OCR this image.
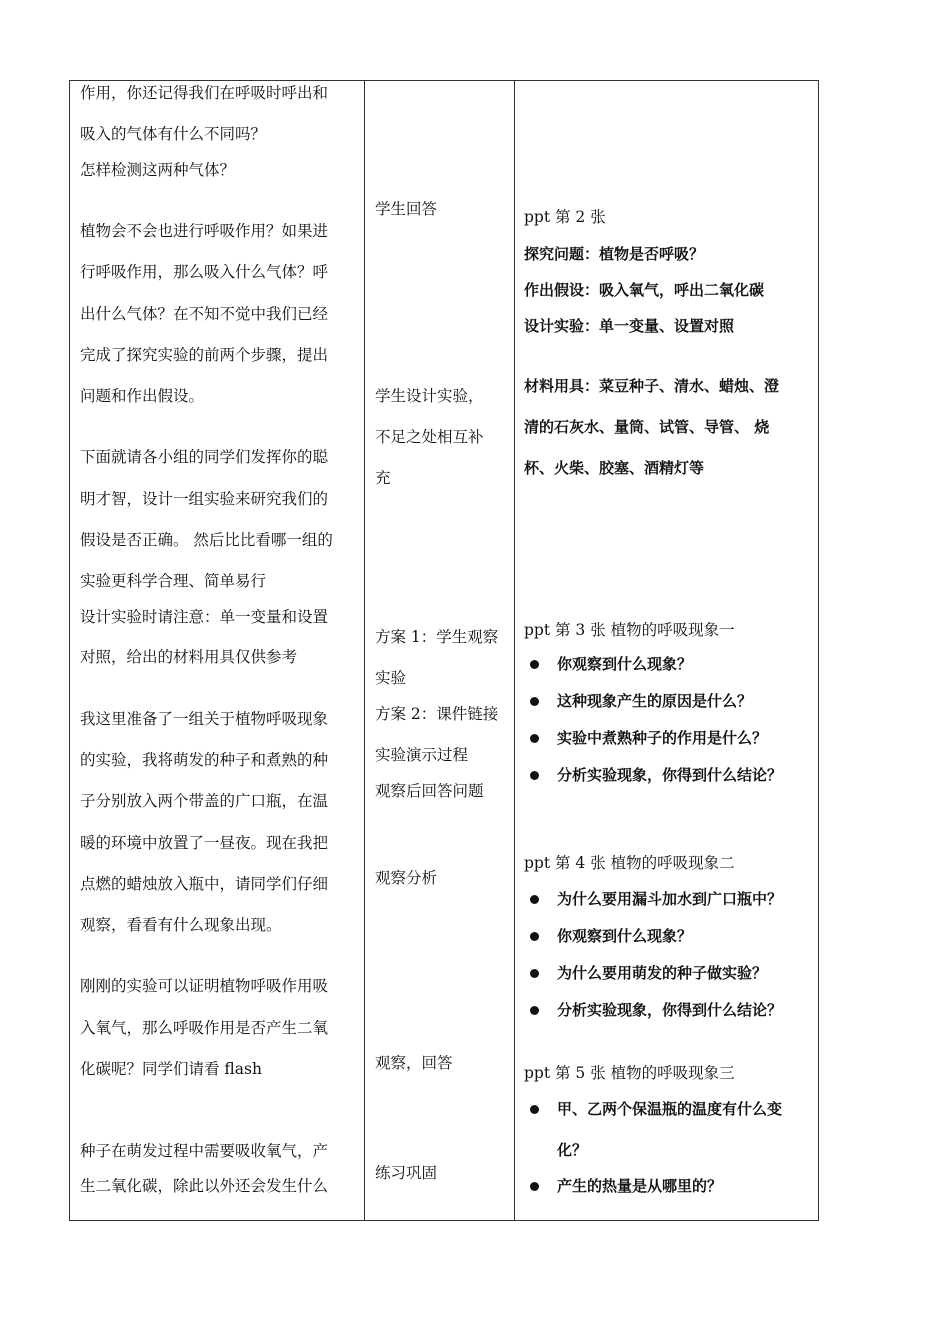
作用，你还记得我们在呼吸时呼出和
吸入的气体有什么不同吗？
怎样检测这两种气体？
植物会不会也进行呼吸作用？如果进
行呼吸作用，那么吸入什么气体？呼
出什么气体？在不知不觉中我们已经
完成了探究实验的前两个步骤，提出
问题和作出假设。
下面就请各小组的同学们发挥你的聪
明才智，设计一组实验来研究我们的
假设是否正确。 然后比比看哪一组的
实验更科学合理、简单易行
设计实验时请注意：单一变量和设置
对照，给出的材料用具仅供参考
我这里准备了一组关于植物呼吸现象
的实验，我将萌发的种子和煮熟的种
子分别放入两个带盖的广口瓶，在温
暖的环境中放置了一昼夜。现在我把
点燃的蜡烛放入瓶中，请同学们仔细
观察，看看有什么现象出现。
刚刚的实验可以证明植物呼吸作用吸
入氧气，那么呼吸作用是否产生二氧
化碳呢？同学们请看 flash
种子在萌发过程中需要吸收氧气，产
生二氧化碳，除此以外还会发生什么
学生回答
学生设计实验，
不足之处相互补
充
方案 1：学生观察
实验
方案 2：课件链接
实验演示过程
观察后回答问题
观察分析
观察，回答
练习巩固
ppt 第 2 张
探究问题：植物是否呼吸？
作出假设：吸入氧气，呼出二氧化碳
设计实验：单一变量、设置对照
材料用具：菜豆种子、清水、蜡烛、澄
清的石灰水、量筒、试管、导管、 烧
杯、火柴、胶塞、酒精灯等
ppt 第 3 张 植物的呼吸现象一
你观察到什么现象？
这种现象产生的原因是什么？
实验中煮熟种子的作用是什么？
分析实验现象，你得到什么结论？
ppt 第 4 张 植物的呼吸现象二
为什么要用漏斗加水到广口瓶中？
你观察到什么现象？
为什么要用萌发的种子做实验？
分析实验现象，你得到什么结论？
ppt 第 5 张 植物的呼吸现象三
甲、乙两个保温瓶的温度有什么变
化？
产生的热量是从哪里的？
